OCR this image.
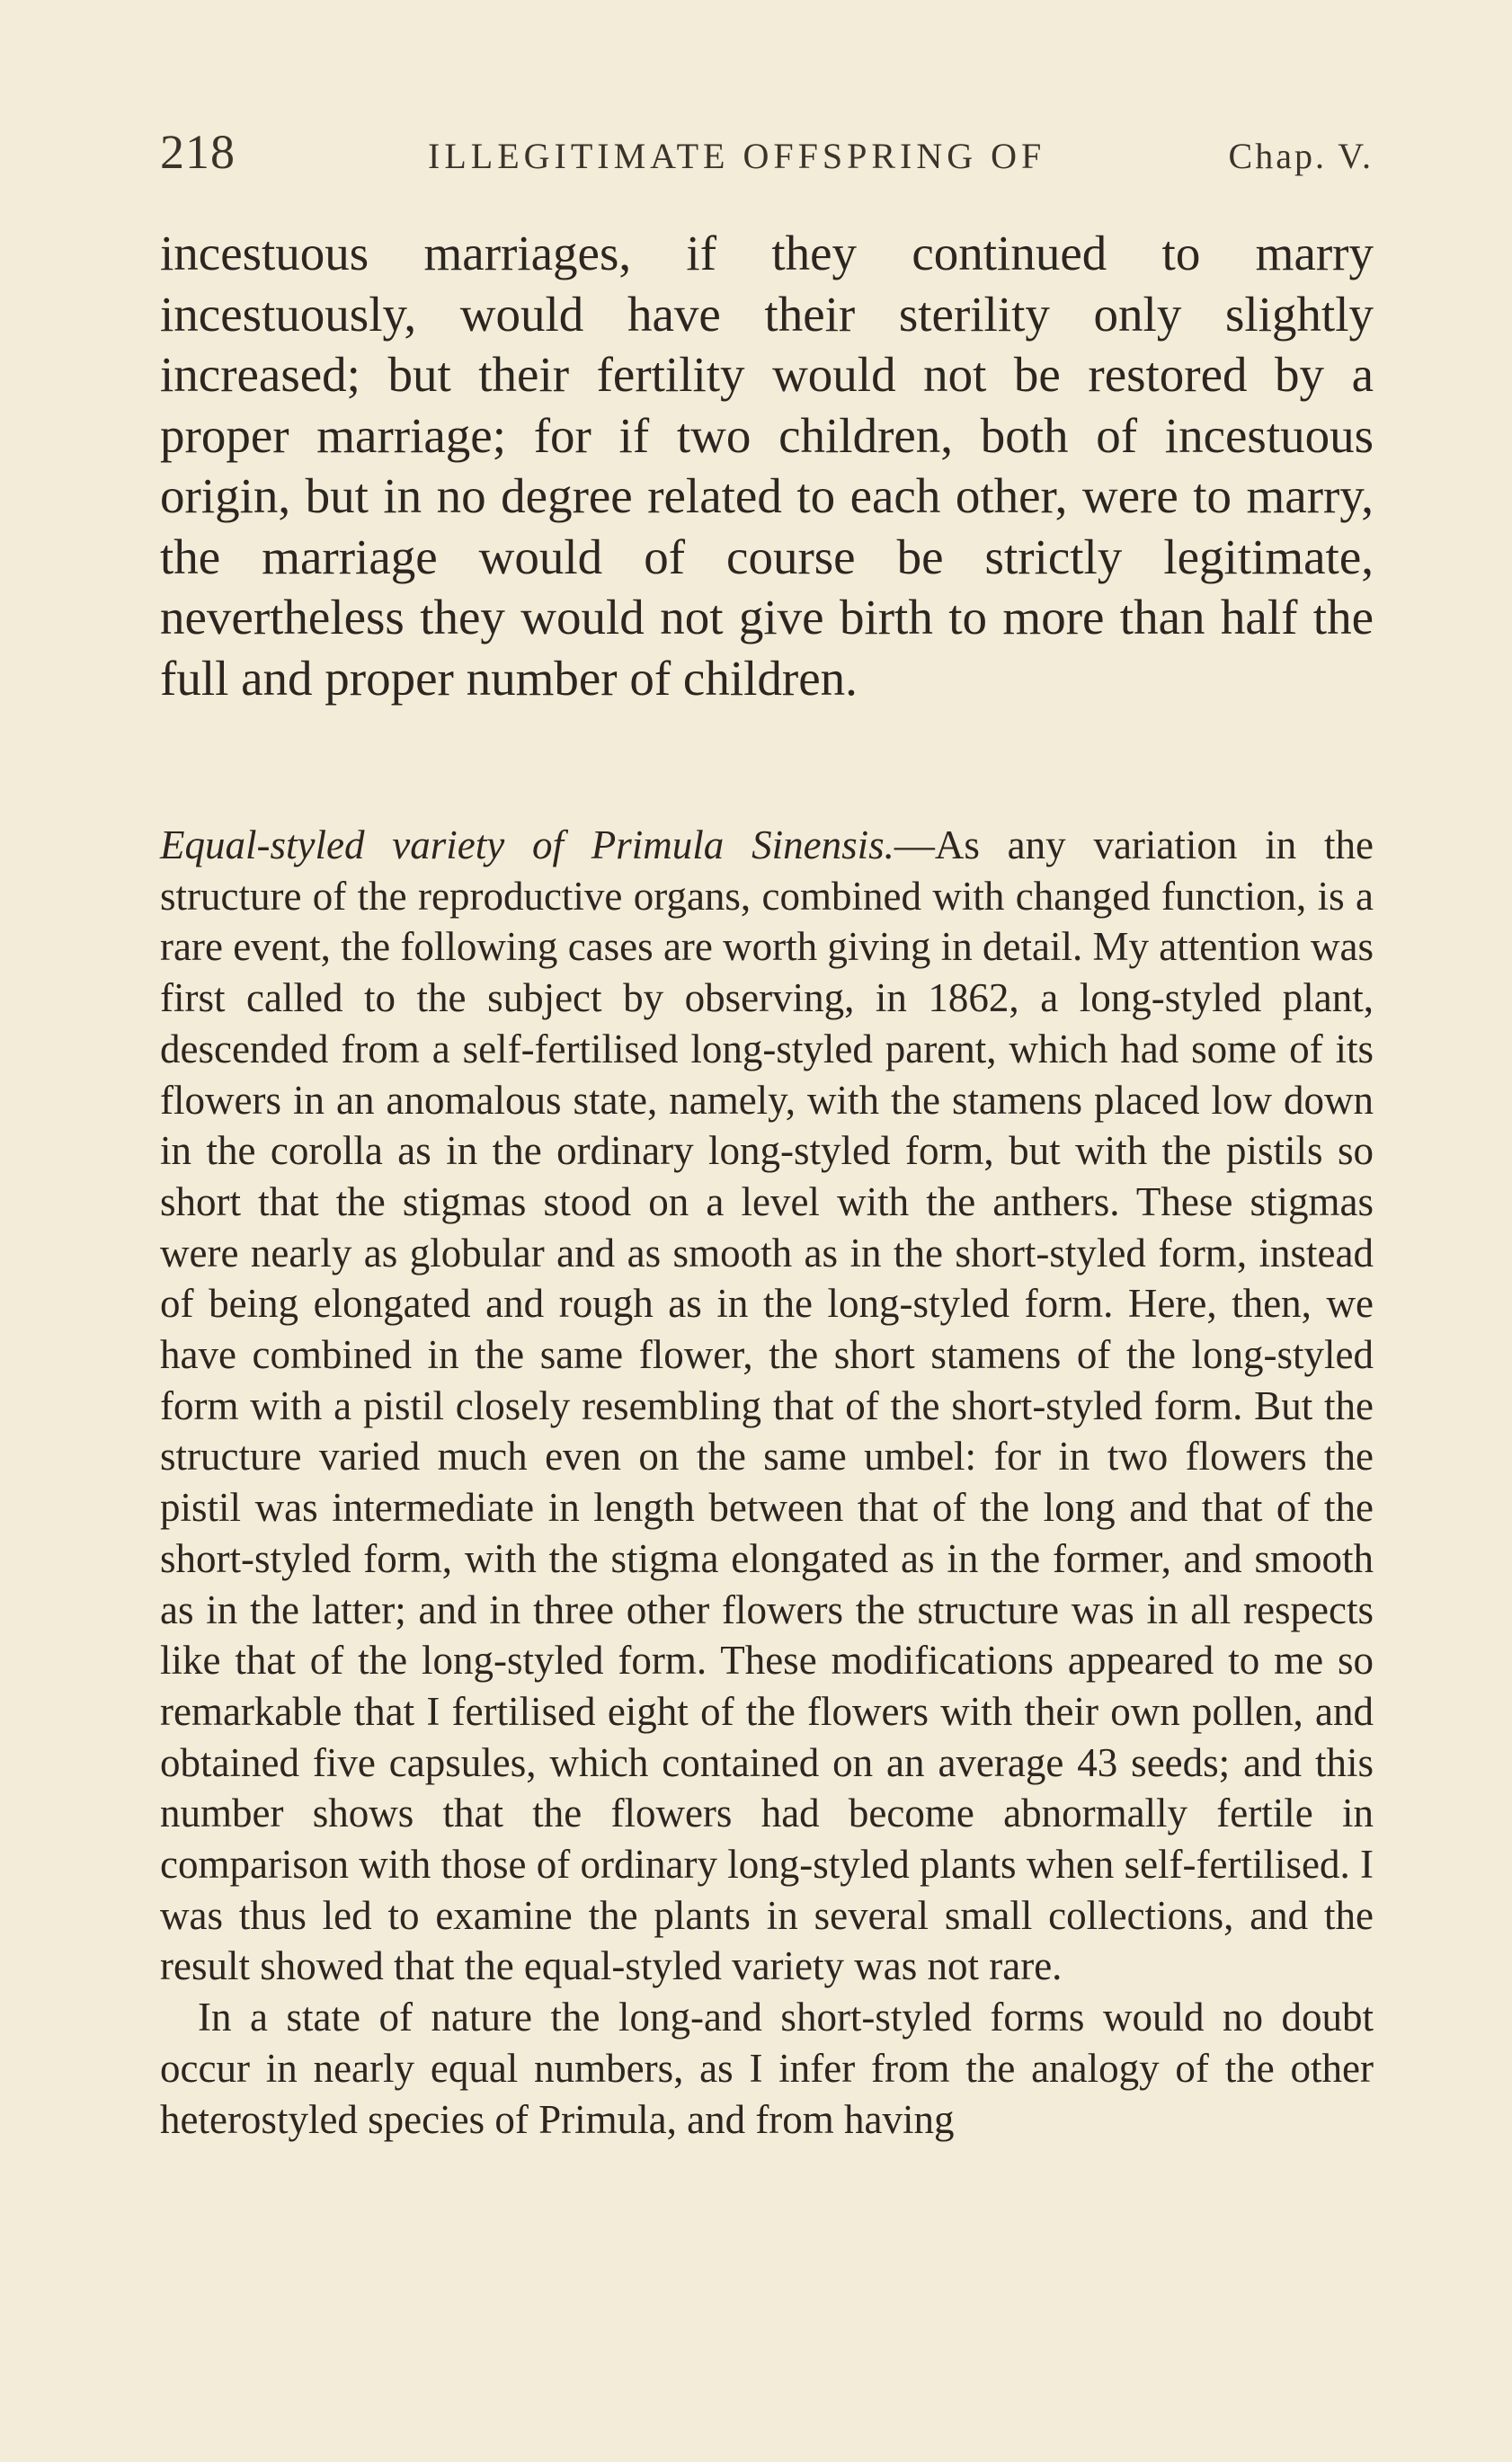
218	ILLEGITIMATE OFFSPRING OF	Chap. V.

incestuous marriages, if they continued to marry incestuously, would have their sterility only slightly increased; but their fertility would not be restored by a proper marriage; for if two children, both of incestuous origin, but in no degree related to each other, were to marry, the marriage would of course be strictly legitimate, nevertheless they would not give birth to more than half the full and proper number of children.

Equal-styled variety of Primula Sinensis.—As any variation in the structure of the reproductive organs, combined with changed function, is a rare event, the following cases are worth giving in detail. My attention was first called to the subject by observing, in 1862, a long-styled plant, descended from a self-fertilised long-styled parent, which had some of its flowers in an anomalous state, namely, with the stamens placed low down in the corolla as in the ordinary long-styled form, but with the pistils so short that the stigmas stood on a level with the anthers. These stigmas were nearly as globular and as smooth as in the short-styled form, instead of being elongated and rough as in the long-styled form. Here, then, we have combined in the same flower, the short stamens of the long-styled form with a pistil closely resembling that of the short-styled form. But the structure varied much even on the same umbel: for in two flowers the pistil was intermediate in length between that of the long and that of the short-styled form, with the stigma elongated as in the former, and smooth as in the latter; and in three other flowers the structure was in all respects like that of the long-styled form. These modifications appeared to me so remarkable that I fertilised eight of the flowers with their own pollen, and obtained five capsules, which contained on an average 43 seeds; and this number shows that the flowers had become abnormally fertile in comparison with those of ordinary long-styled plants when self-fertilised. I was thus led to examine the plants in several small collections, and the result showed that the equal-styled variety was not rare.

In a state of nature the long-and short-styled forms would no doubt occur in nearly equal numbers, as I infer from the analogy of the other heterostyled species of Primula, and from having
